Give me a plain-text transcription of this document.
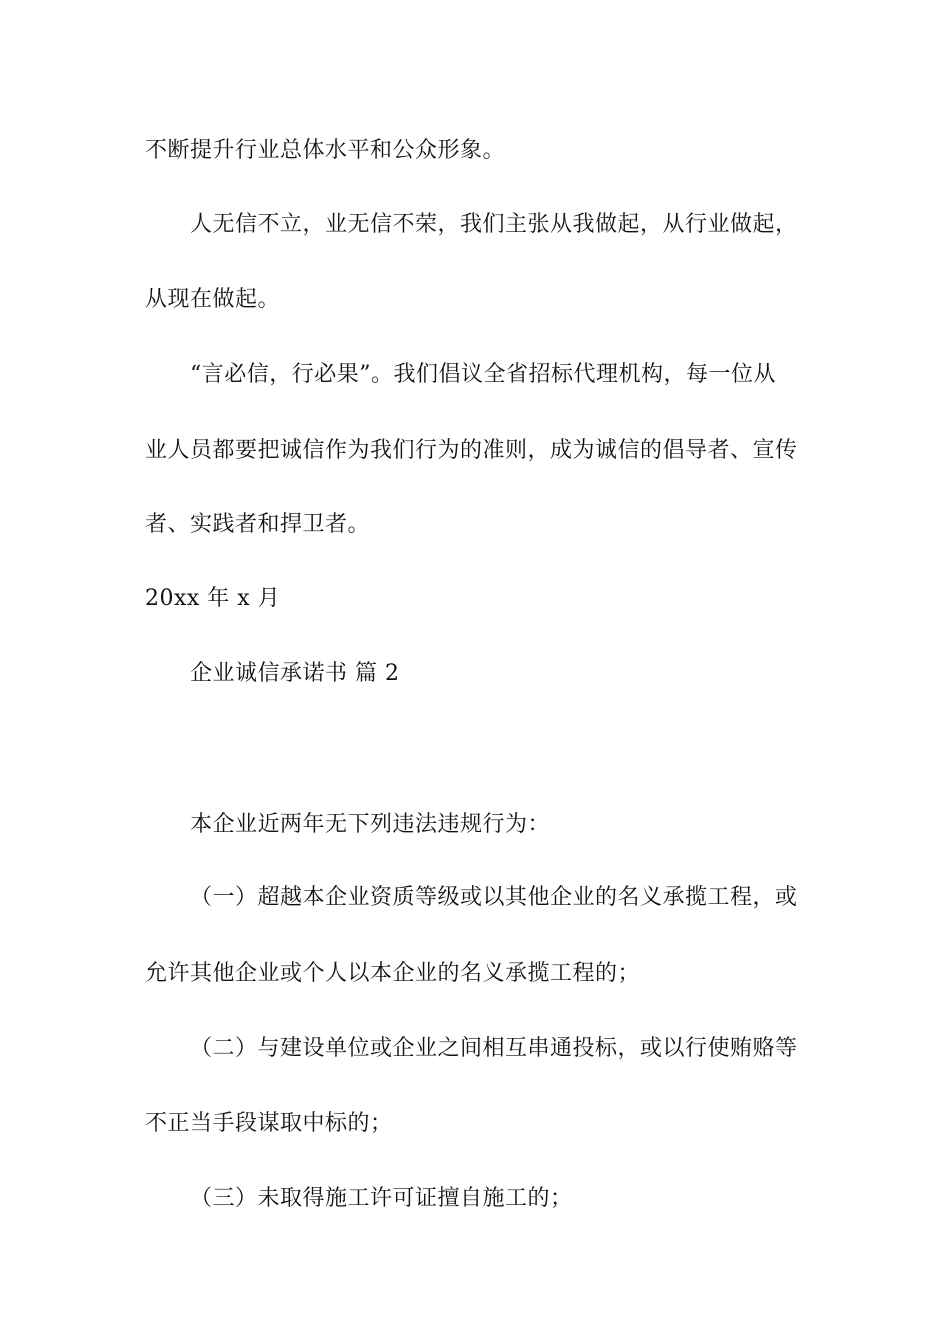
不断提升行业总体水平和公众形象。
人无信不立，业无信不荣，我们主张从我做起，从行业做起，
从现在做起。
“言必信，行必果”。我们倡议全省招标代理机构，每一位从
业人员都要把诚信作为我们行为的准则，成为诚信的倡导者、宣传
者、实践者和捍卫者。
20xx 年 x 月
企业诚信承诺书 篇 2
本企业近两年无下列违法违规行为：
（一）超越本企业资质等级或以其他企业的名义承揽工程，或
允许其他企业或个人以本企业的名义承揽工程的；
（二）与建设单位或企业之间相互串通投标，或以行使贿赂等
不正当手段谋取中标的；
（三）未取得施工许可证擅自施工的；
